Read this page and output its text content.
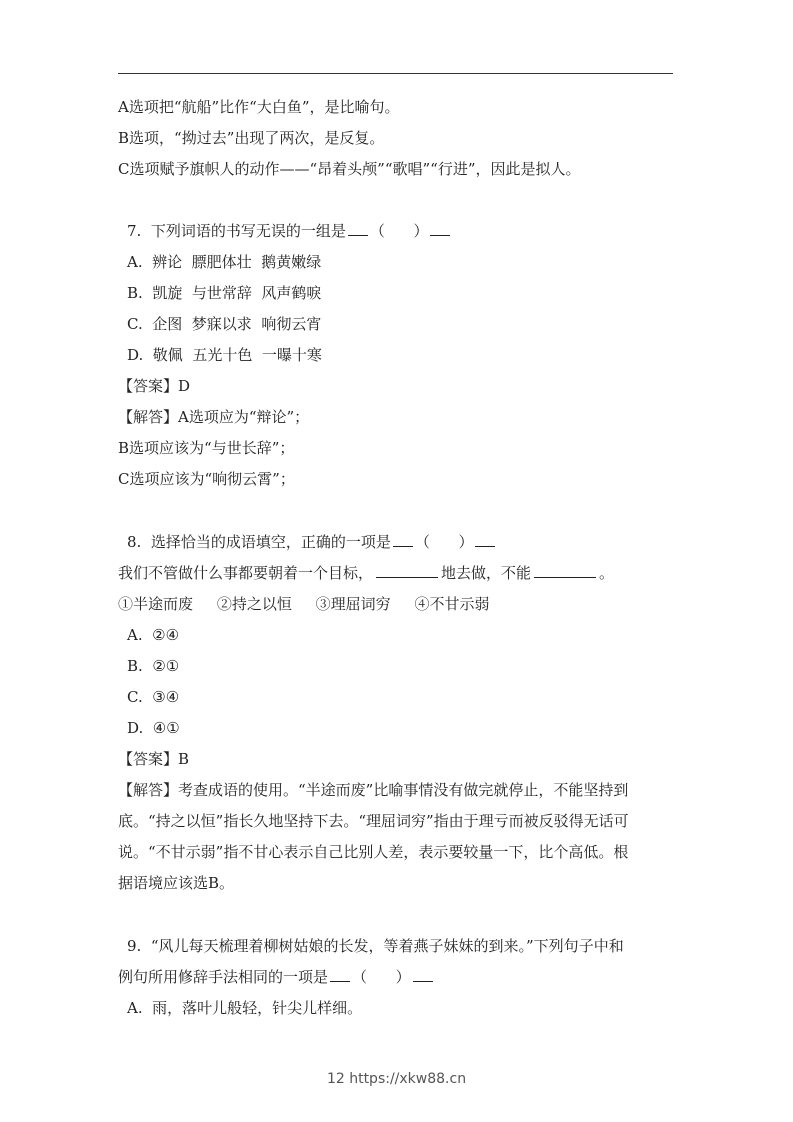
A选项把“航船”比作“大白鱼”，是比喻句。
B选项，“拗过去”出现了两次，是反复。
C选项赋予旗帜人的动作——“昂着头颅”“歌唱”“行进”，因此是拟人。
7.  下列词语的书写无误的一组是 （      ）
A.  辨论  膘肥体壮  鹅黄嫩绿
B.  凯旋  与世常辞  风声鹤唳
C.  企图  梦寐以求  响彻云宵
D.  敬佩  五光十色  一曝十寒
【答案】D
【解答】A选项应为“辩论”；
B选项应该为“与世长辞”；
C选项应该为“响彻云霄”；
8.  选择恰当的成语填空，正确的一项是 （      ）
我们不管做什么事都要朝着一个目标，	地去做，不能	。
①半途而废     ②持之以恒     ③理屈词穷     ④不甘示弱
A.  ②④
B.  ②①
C.  ③④
D.  ④①
【答案】B
【解答】考查成语的使用。“半途而废”比喻事情没有做完就停止，不能坚持到
底。“持之以恒”指长久地坚持下去。“理屈词穷”指由于理亏而被反驳得无话可
说。“不甘示弱”指不甘心表示自己比别人差，表示要较量一下，比个高低。根
据语境应该选B。
9.  “风儿每天梳理着柳树姑娘的长发，等着燕子妹妹的到来。”下列句子中和
例句所用修辞手法相同的一项是 （      ）
A.  雨，落叶儿般轻，针尖儿样细。
12 https://xkw88.cn
